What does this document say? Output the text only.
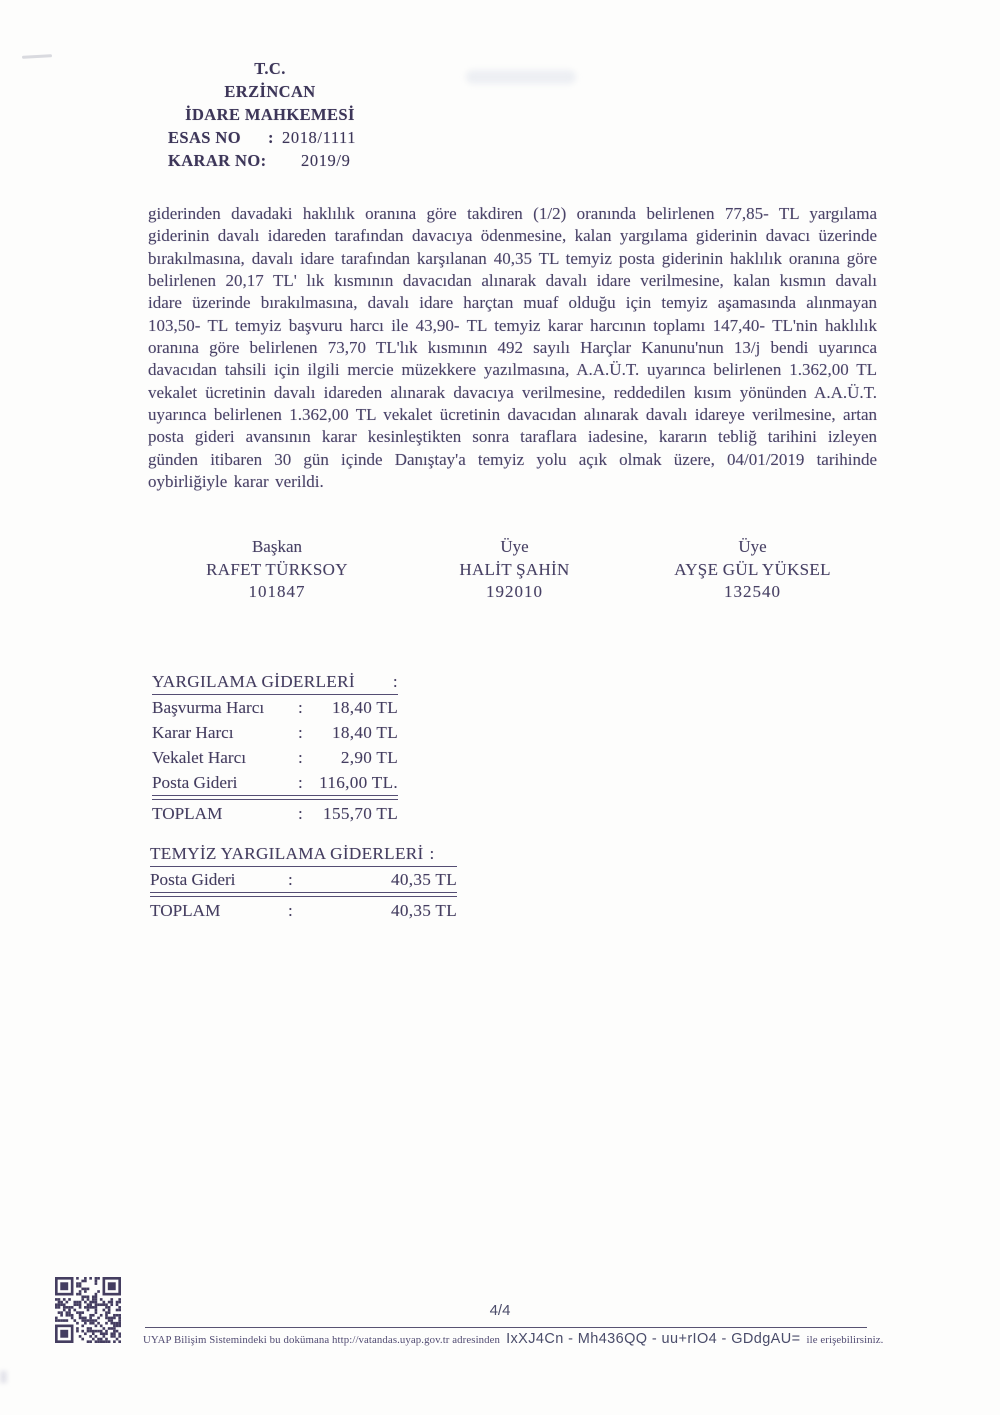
T.C.
ERZİNCAN
İDARE MAHKEMESİ
ESAS NO	: 2018/1111
KARAR NO:	2019/9
giderinden davadaki haklılık oranına göre takdiren (1/2) oranında belirlenen 77,85- TL yargılama giderinin davalı idareden tarafından davacıya ödenmesine, kalan yargılama giderinin davacı üzerinde bırakılmasına, davalı idare tarafından karşılanan 40,35 TL temyiz posta giderinin haklılık oranına göre belirlenen 20,17 TL' lık kısmının davacıdan alınarak davalı idare verilmesine, kalan kısmın davalı idare üzerinde bırakılmasına, davalı idare harçtan muaf olduğu için temyiz aşamasında alınmayan 103,50- TL temyiz başvuru harcı ile 43,90- TL temyiz karar harcının toplamı 147,40- TL'nin haklılık oranına göre belirlenen 73,70 TL'lık kısmının 492 sayılı Harçlar Kanunu'nun 13/j bendi uyarınca davacıdan tahsili için ilgili mercie müzekkere yazılmasına, A.A.Ü.T. uyarınca belirlenen 1.362,00 TL vekalet ücretinin davalı idareden alınarak davacıya verilmesine, reddedilen kısım yönünden A.A.Ü.T. uyarınca belirlenen 1.362,00 TL vekalet ücretinin davacıdan alınarak davalı idareye verilmesine, artan posta gideri avansının karar kesinleştikten sonra taraflara iadesine, kararın tebliğ tarihini izleyen günden itibaren 30 gün içinde Danıştay'a temyiz yolu açık olmak üzere, 04/01/2019 tarihinde oybirliğiyle karar verildi.
Başkan
RAFET TÜRKSOY
101847
Üye
HALİT ŞAHİN
192010
Üye
AYŞE GÜL YÜKSEL
132540
YARGILAMA GİDERLERİ :
Başvurma Harcı	:	18,40 TL
Karar Harcı	:	18,40 TL
Vekalet Harcı	:	2,90 TL
Posta Gideri	: 116,00 TL.
TOPLAM	:	155,70 TL
TEMYİZ YARGILAMA GİDERLERİ :
Posta Gideri	:	40,35 TL
TOPLAM	:	40,35 TL
4/4
UYAP Bilişim Sistemindeki bu dokümana http://vatandas.uyap.gov.tr adresinden IxXJ4Cn - Mh436QQ - uu+rIO4 - GDdgAU= ile erişebilirsiniz.
